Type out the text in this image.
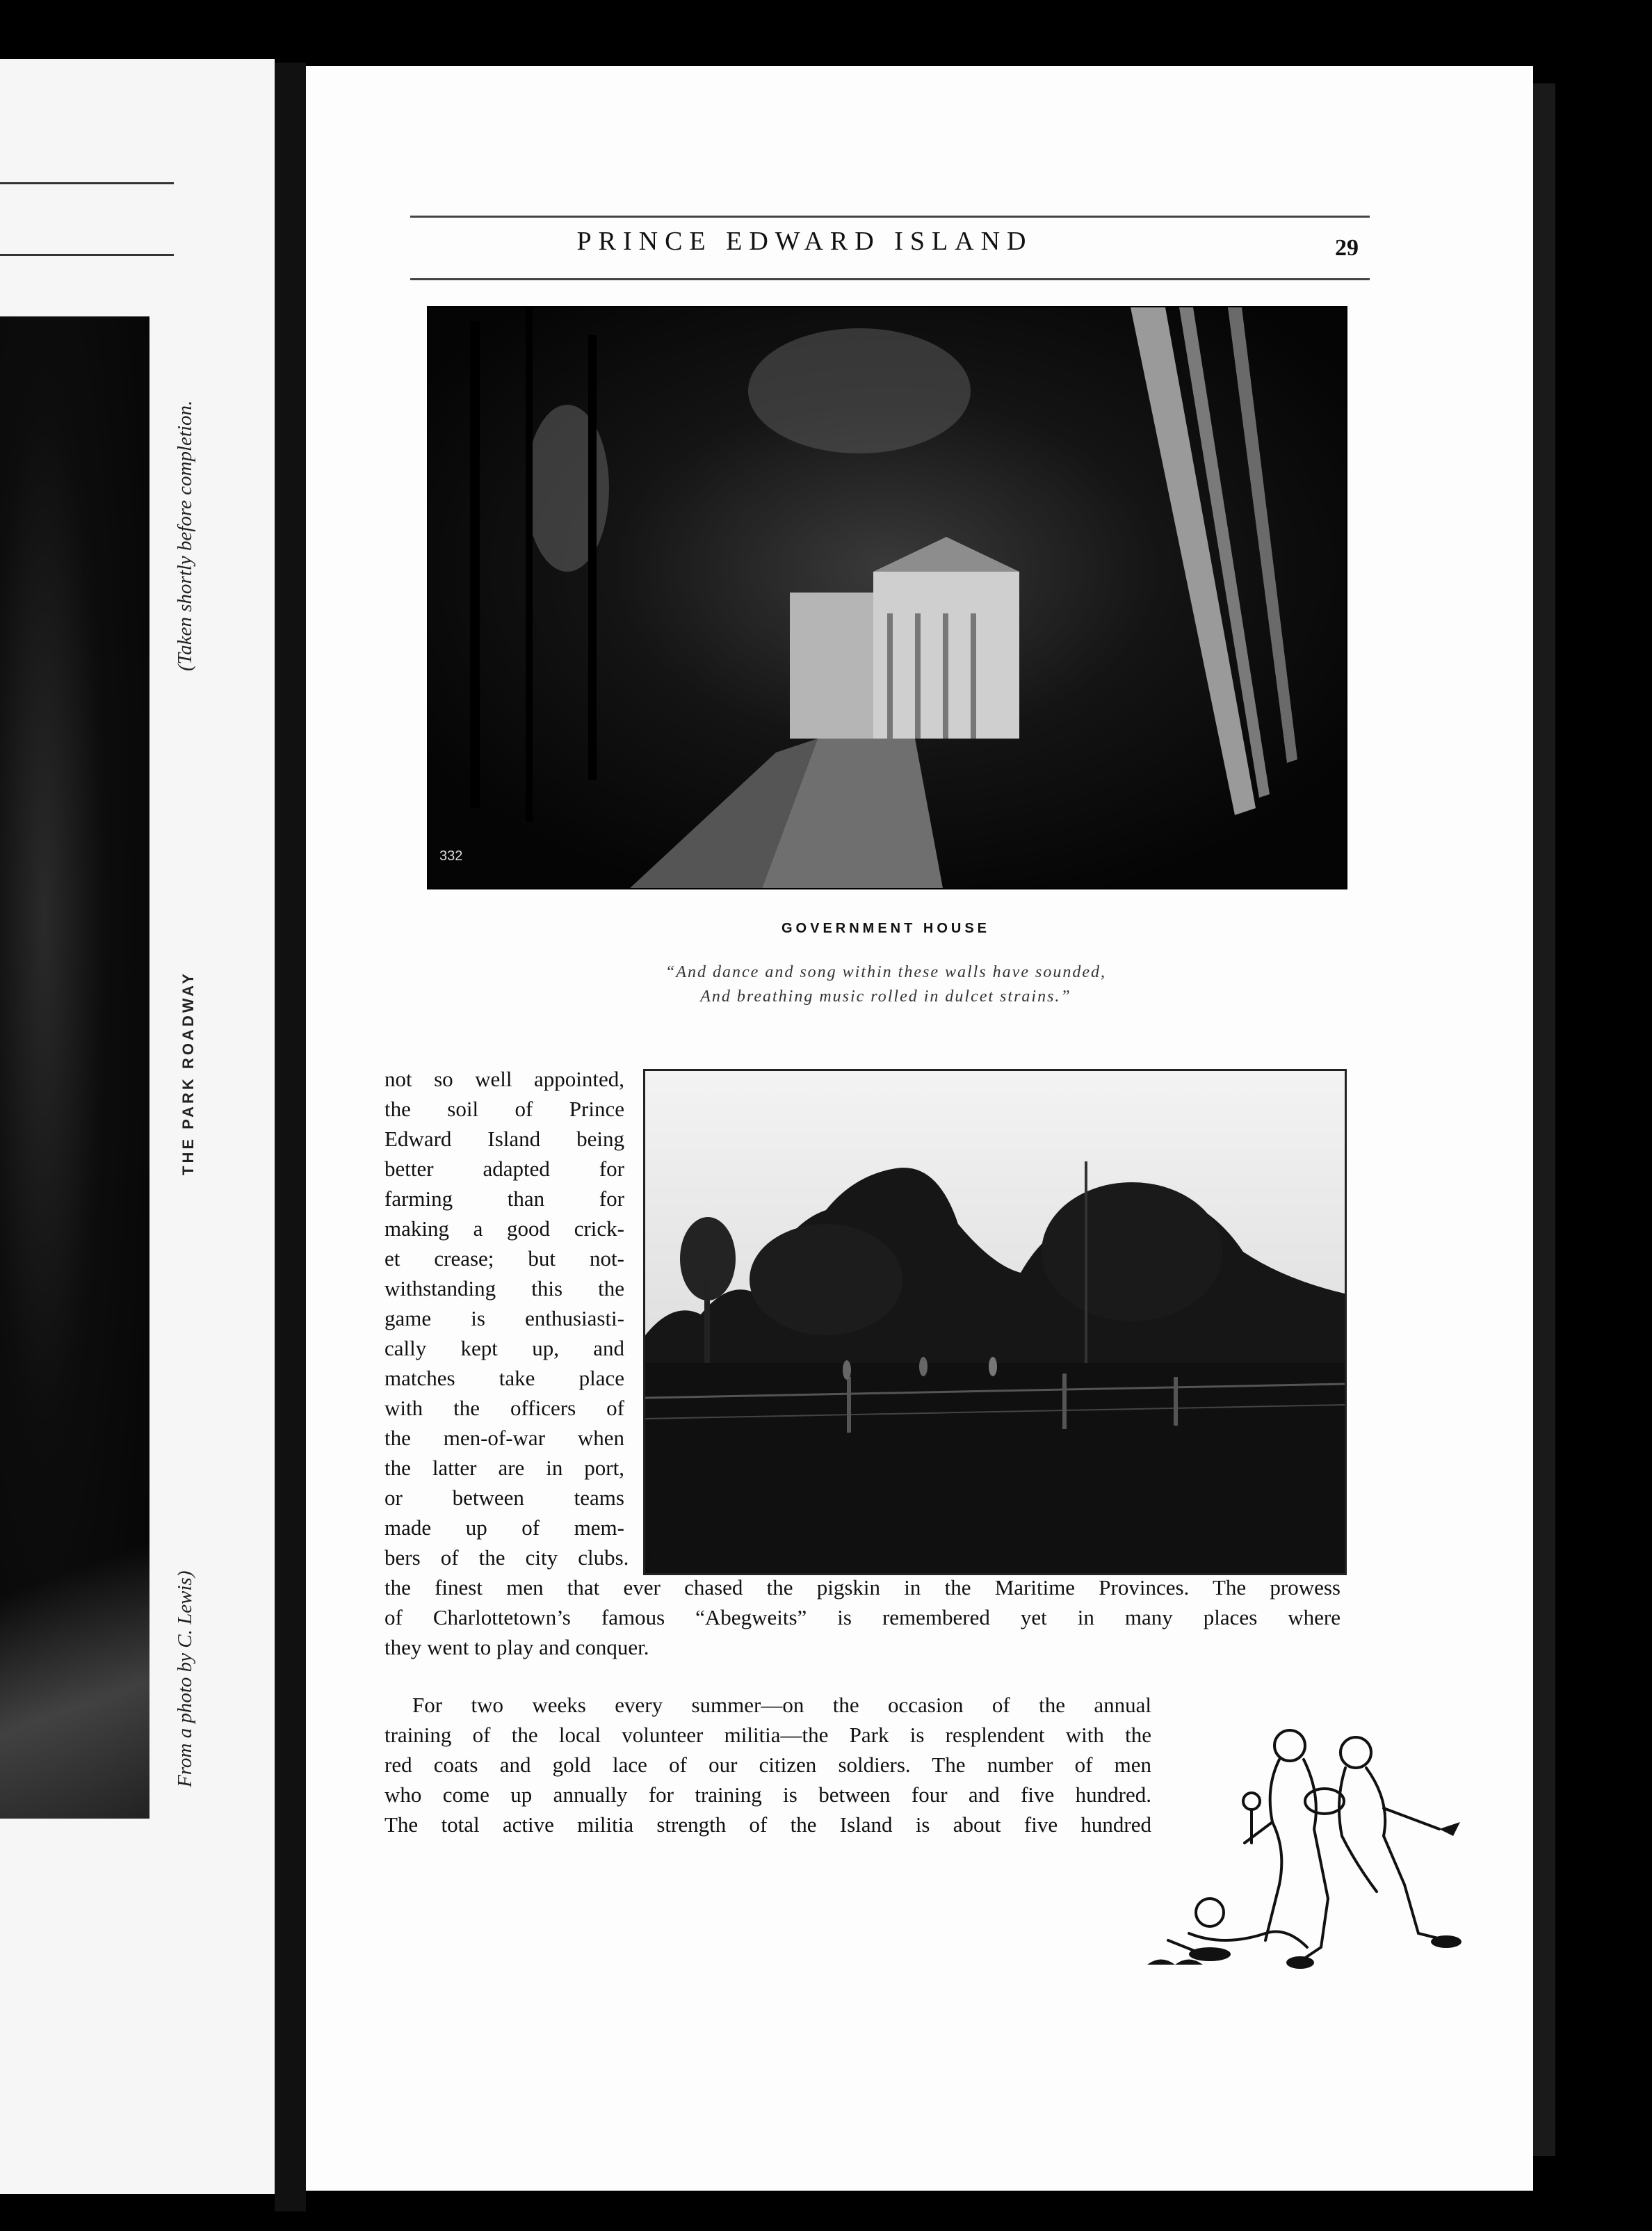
(Taken shortly before completion.
THE PARK ROADWAY
From a photo by C. Lewis)
PRINCE EDWARD ISLAND	29
332
GOVERNMENT HOUSE
“And dance and song within these walls have sounded,
And breathing music rolled in dulcet strains.”
not so well appointed,
the soil of Prince
Edward Island being
better adapted for
farming than for
making a good crick-
et crease; but not-
withstanding this the
game is enthusiasti-
cally kept up, and
matches take place
with the officers of
the men-of-war when
the latter are in port,
or between teams
made up of mem-
bers of the city clubs. The football field has served as a training ground for some of
the finest men that ever chased the pigskin in the Maritime Provinces. The prowess
of Charlottetown’s famous “Abegweits” is remembered yet in many places where
they went to play and conquer.
For two weeks every summer—on the occasion of the annual
training of the local volunteer militia—the Park is resplendent with the
red coats and gold lace of our citizen soldiers. The number of men
who come up annually for training is between four and five hundred.
The total active militia strength of the Island is about five hundred
